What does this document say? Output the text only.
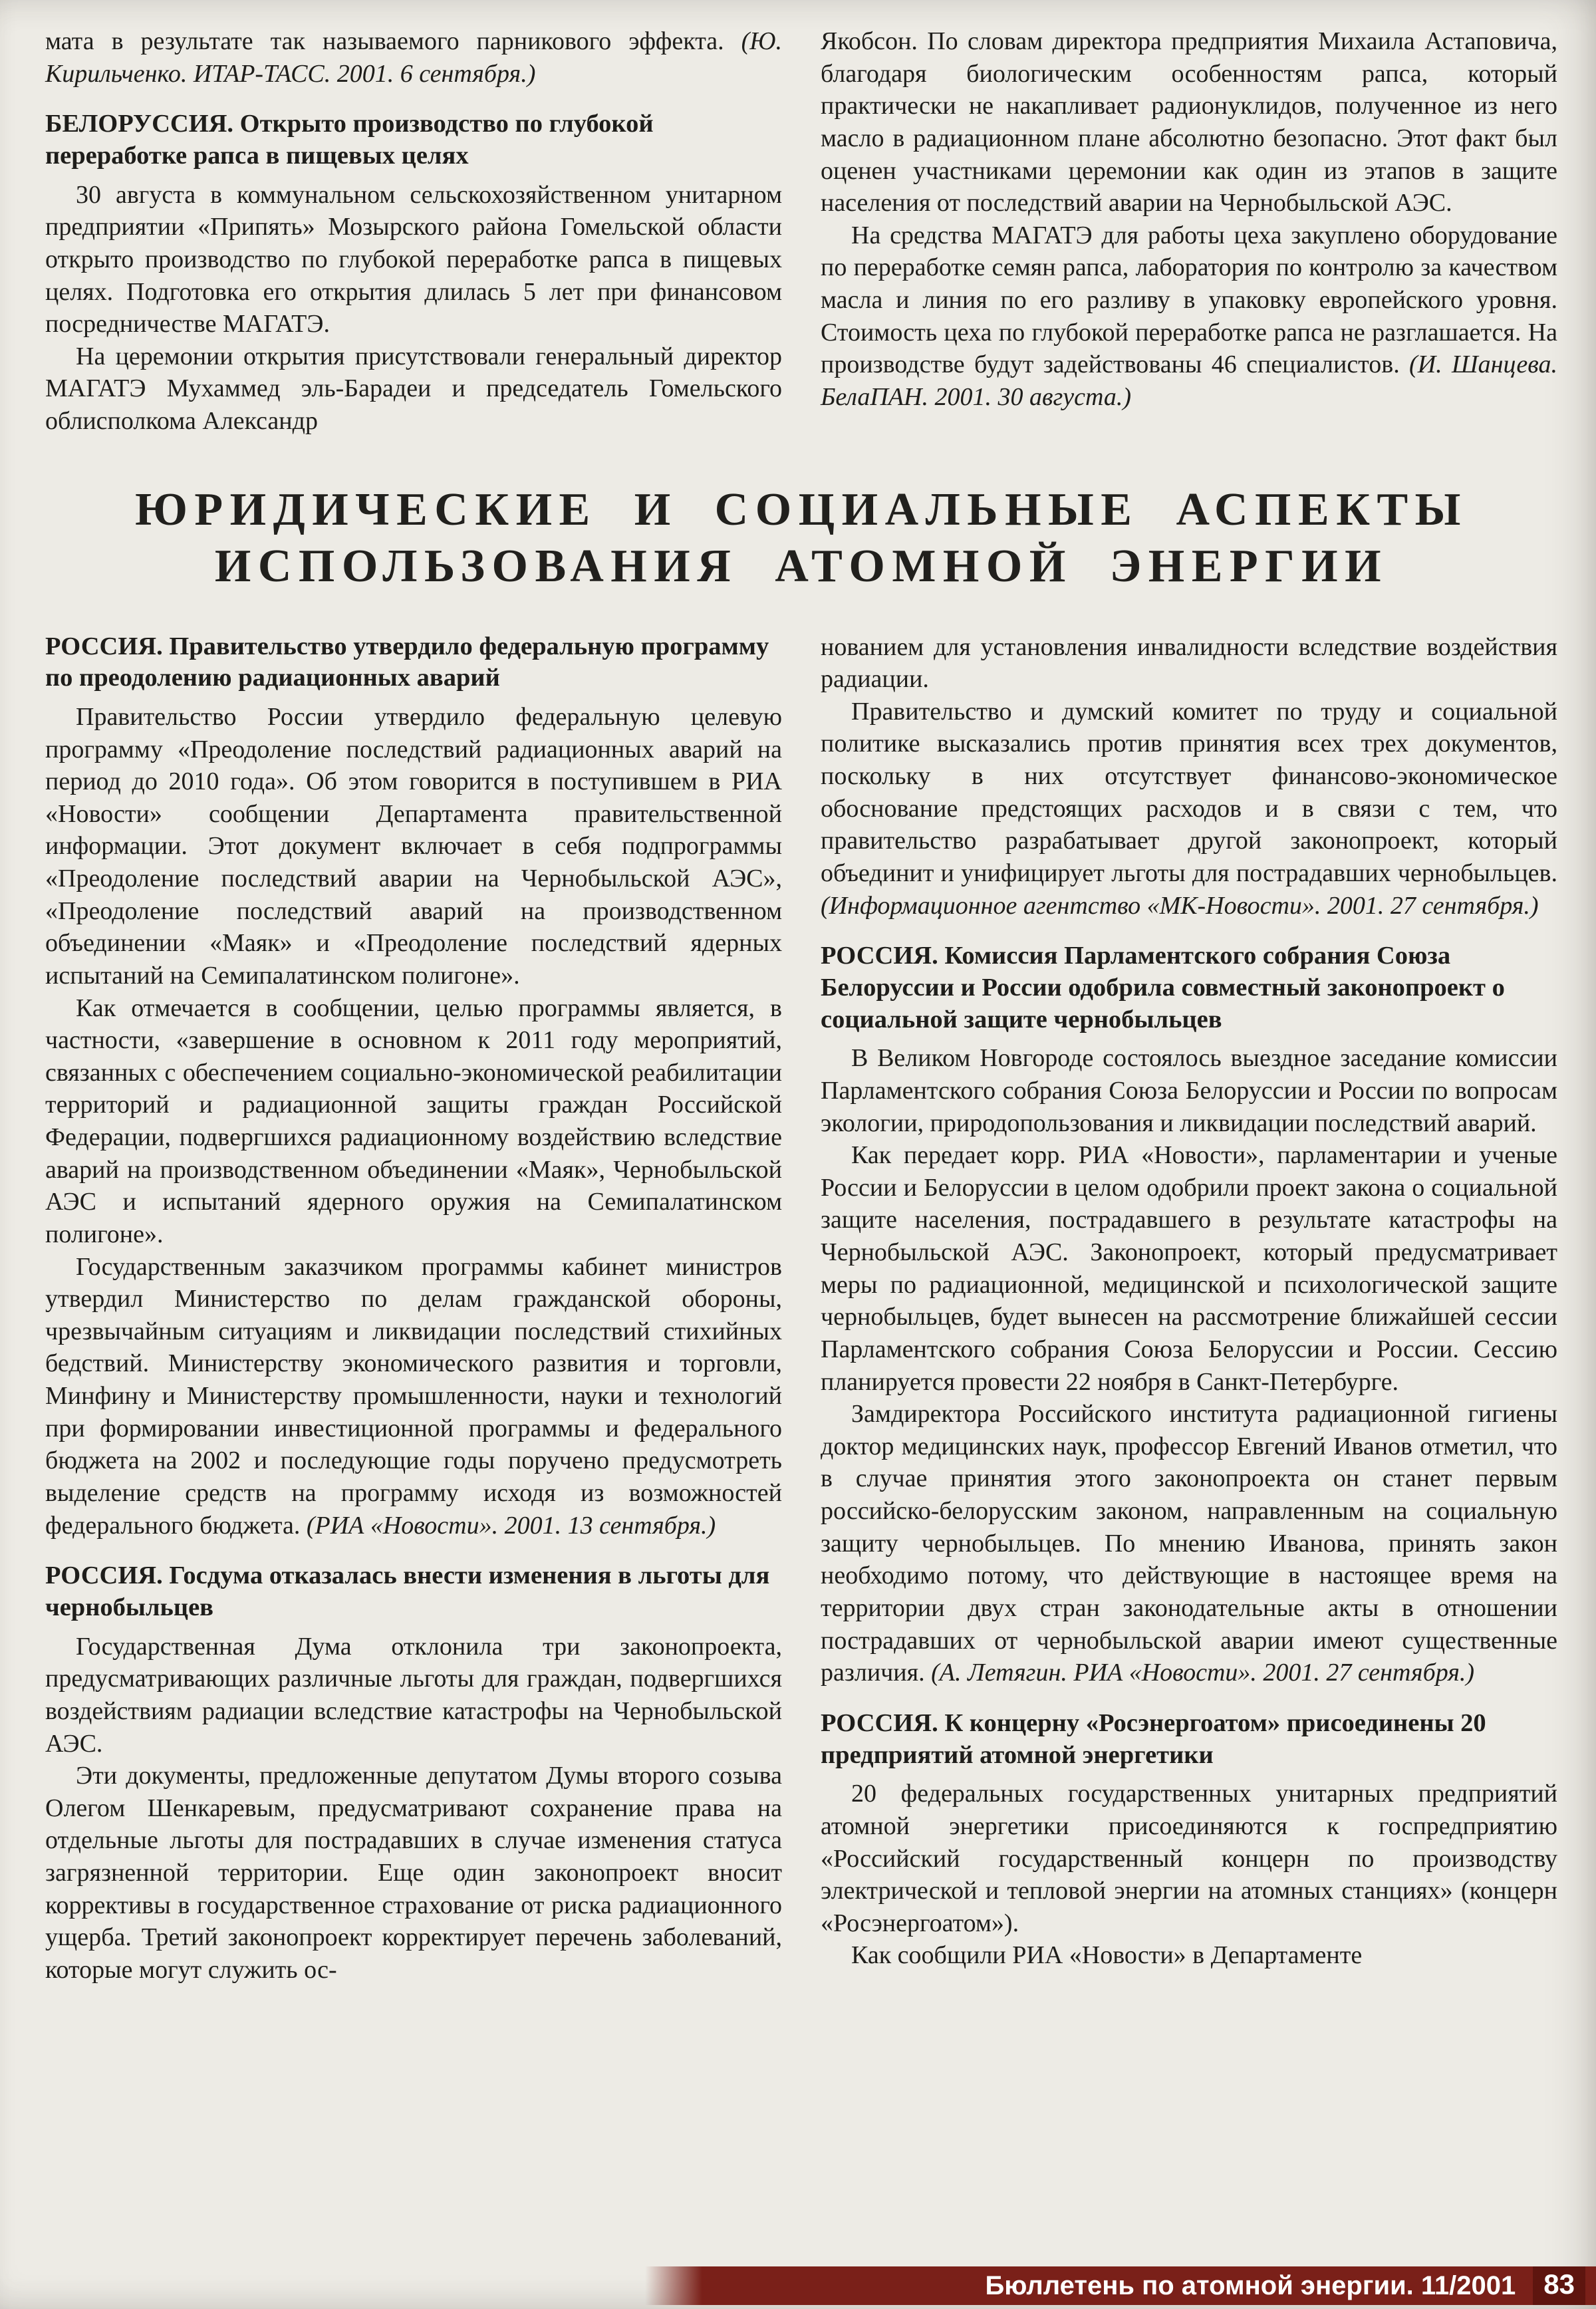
мата в результате так называемого парникового эффекта. (Ю. Кирильченко. ИТАР-ТАСС. 2001. 6 сентября.)

БЕЛОРУССИЯ. Открыто производство по глубокой переработке рапса в пищевых целях

30 августа в коммунальном сельскохозяйственном унитарном предприятии «Припять» Мозырского района Гомельской области открыто производство по глубокой переработке рапса в пищевых целях. Подготовка его открытия длилась 5 лет при финансовом посредничестве МАГАТЭ.

На церемонии открытия присутствовали генеральный директор МАГАТЭ Мухаммед эль-Барадеи и председатель Гомельского облисполкома Александр

Якобсон. По словам директора предприятия Михаила Астаповича, благодаря биологическим особенностям рапса, который практически не накапливает радионуклидов, полученное из него масло в радиационном плане абсолютно безопасно. Этот факт был оценен участниками церемонии как один из этапов в защите населения от последствий аварии на Чернобыльской АЭС.

На средства МАГАТЭ для работы цеха закуплено оборудование по переработке семян рапса, лаборатория по контролю за качеством масла и линия по его разливу в упаковку европейского уровня. Стоимость цеха по глубокой переработке рапса не разглашается. На производстве будут задействованы 46 специалистов. (И. Шанцева. БелаПАН. 2001. 30 августа.)

ЮРИДИЧЕСКИЕ И СОЦИАЛЬНЫЕ АСПЕКТЫ
ИСПОЛЬЗОВАНИЯ АТОМНОЙ ЭНЕРГИИ
РОССИЯ. Правительство утвердило федеральную программу по преодолению радиационных аварий

Правительство России утвердило федеральную целевую программу «Преодоление последствий радиационных аварий на период до 2010 года». Об этом говорится в поступившем в РИА «Новости» сообщении Департамента правительственной информации. Этот документ включает в себя подпрограммы «Преодоление последствий аварии на Чернобыльской АЭС», «Преодоление последствий аварий на производственном объединении «Маяк» и «Преодоление последствий ядерных испытаний на Семипалатинском полигоне».

Как отмечается в сообщении, целью программы является, в частности, «завершение в основном к 2011 году мероприятий, связанных с обеспечением социально-экономической реабилитации территорий и радиационной защиты граждан Российской Федерации, подвергшихся радиационному воздействию вследствие аварий на производственном объединении «Маяк», Чернобыльской АЭС и испытаний ядерного оружия на Семипалатинском полигоне».

Государственным заказчиком программы кабинет министров утвердил Министерство по делам гражданской обороны, чрезвычайным ситуациям и ликвидации последствий стихийных бедствий. Министерству экономического развития и торговли, Минфину и Министерству промышленности, науки и технологий при формировании инвестиционной программы и федерального бюджета на 2002 и последующие годы поручено предусмотреть выделение средств на программу исходя из возможностей федерального бюджета. (РИА «Новости». 2001. 13 сентября.)

РОССИЯ. Госдума отказалась внести изменения в льготы для чернобыльцев

Государственная Дума отклонила три законопроекта, предусматривающих различные льготы для граждан, подвергшихся воздействиям радиации вследствие катастрофы на Чернобыльской АЭС.

Эти документы, предложенные депутатом Думы второго созыва Олегом Шенкаревым, предусматривают сохранение права на отдельные льготы для пострадавших в случае изменения статуса загрязненной территории. Еще один законопроект вносит коррективы в государственное страхование от риска радиационного ущерба. Третий законопроект корректирует перечень заболеваний, которые могут служить ос-

нованием для установления инвалидности вследствие воздействия радиации.

Правительство и думский комитет по труду и социальной политике высказались против принятия всех трех документов, поскольку в них отсутствует финансово-экономическое обоснование предстоящих расходов и в связи с тем, что правительство разрабатывает другой законопроект, который объединит и унифицирует льготы для пострадавших чернобыльцев. (Информационное агентство «МК-Новости». 2001. 27 сентября.)

РОССИЯ. Комиссия Парламентского собрания Союза Белоруссии и России одобрила совместный законопроект о социальной защите чернобыльцев

В Великом Новгороде состоялось выездное заседание комиссии Парламентского собрания Союза Белоруссии и России по вопросам экологии, природопользования и ликвидации последствий аварий.

Как передает корр. РИА «Новости», парламентарии и ученые России и Белоруссии в целом одобрили проект закона о социальной защите населения, пострадавшего в результате катастрофы на Чернобыльской АЭС. Законопроект, который предусматривает меры по радиационной, медицинской и психологической защите чернобыльцев, будет вынесен на рассмотрение ближайшей сессии Парламентского собрания Союза Белоруссии и России. Сессию планируется провести 22 ноября в Санкт-Петербурге.

Замдиректора Российского института радиационной гигиены доктор медицинских наук, профессор Евгений Иванов отметил, что в случае принятия этого законопроекта он станет первым российско-белорусским законом, направленным на социальную защиту чернобыльцев. По мнению Иванова, принять закон необходимо потому, что действующие в настоящее время на территории двух стран законодательные акты в отношении пострадавших от чернобыльской аварии имеют существенные различия. (А. Летягин. РИА «Новости». 2001. 27 сентября.)

РОССИЯ. К концерну «Росэнергоатом» присоединены 20 предприятий атомной энергетики

20 федеральных государственных унитарных предприятий атомной энергетики присоединяются к госпредприятию «Российский государственный концерн по производству электрической и тепловой энергии на атомных станциях» (концерн «Росэнергоатом»).

Как сообщили РИА «Новости» в Департаменте

Бюллетень по атомной энергии. 11/2001	83
